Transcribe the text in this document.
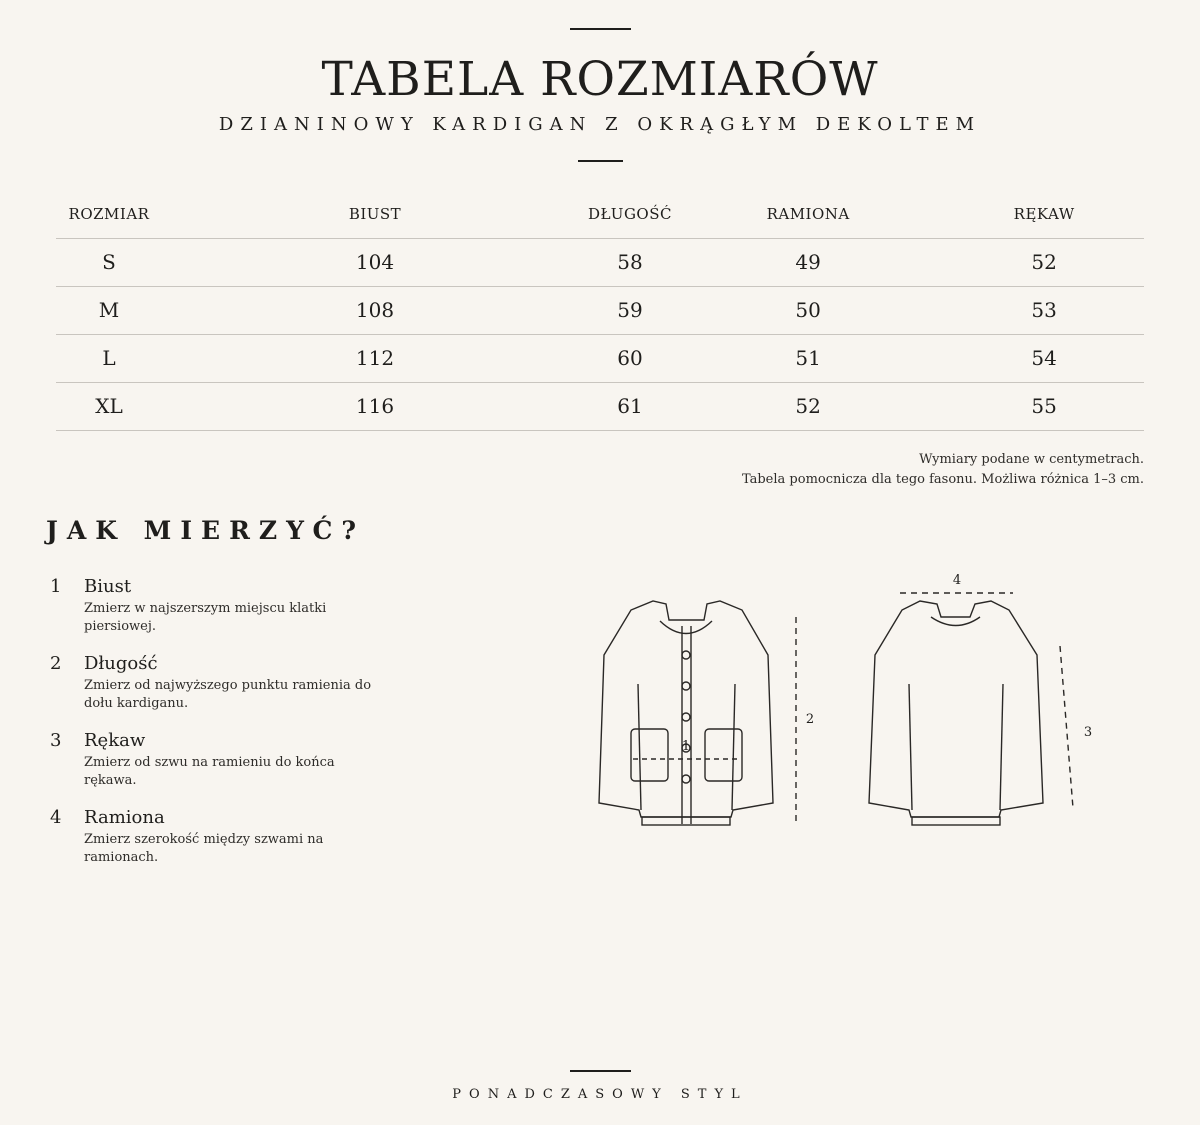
TABELA ROZMIARÓW
DZIANINOWY KARDIGAN Z OKRĄGŁYM DEKOLTEM
ROZMIAR	BIUST	DŁUGOŚĆ	RAMIONA	RĘKAW
S	104	58	49	52
M	108	59	50	53
L	112	60	51	54
XL	116	61	52	55
Wymiary podane w centymetrach.
Tabela pomocnicza dla tego fasonu. Możliwa różnica 1–3 cm.
JAK MIERZYĆ?
1 Biust
Zmierz w najszerszym miejscu klatki piersiowej.
2 Długość
Zmierz od najwyższego punktu ramienia do dołu kardiganu.
3 Rękaw
Zmierz od szwu na ramieniu do końca rękawa.
4 Ramiona
Zmierz szerokość między szwami na ramionach.
1
2
3
4
PONADCZASOWY STYL
